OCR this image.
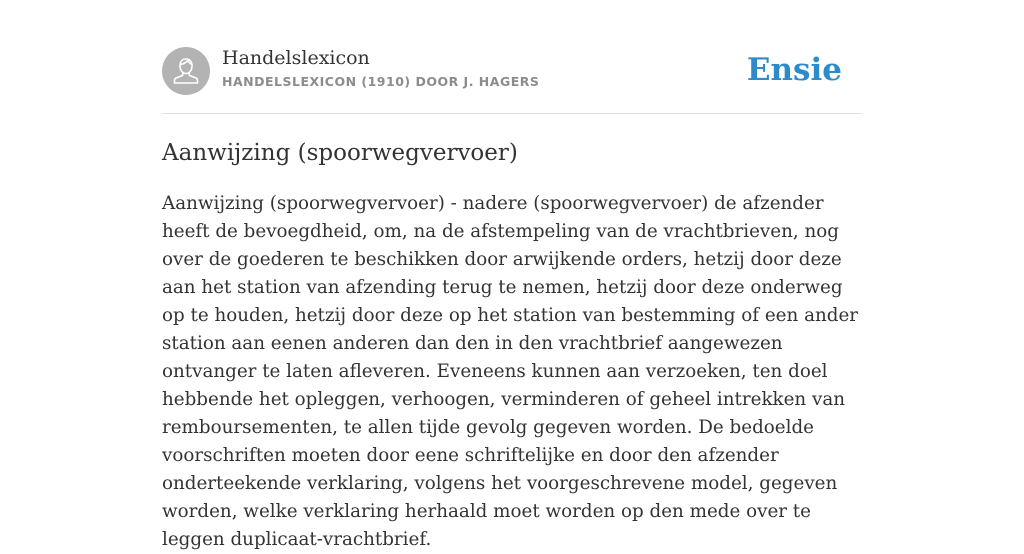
Handelslexicon
HANDELSLEXICON (1910) DOOR J. HAGERS	Ensie
Aanwijzing (spoorwegvervoer)

Aanwijzing (spoorwegvervoer) - nadere (spoorwegvervoer) de afzender heeft de bevoegdheid, om, na de afstempeling van de vrachtbrieven, nog over de goederen te beschikken door arwijkende orders, hetzij door deze aan het station van afzending terug te nemen, hetzij door deze onderweg op te houden, hetzij door deze op het station van bestemming of een ander station aan eenen anderen dan den in den vrachtbrief aangewezen ontvanger te laten afleveren. Eveneens kunnen aan verzoeken, ten doel hebbende het opleggen, verhoogen, verminderen of geheel intrekken van remboursementen, te allen tijde gevolg gegeven worden. De bedoelde voorschriften moeten door eene schriftelijke en door den afzender onderteekende verklaring, volgens het voorgeschrevene model, gegeven worden, welke verklaring herhaald moet worden op den mede over te leggen duplicaat-vrachtbrief.
